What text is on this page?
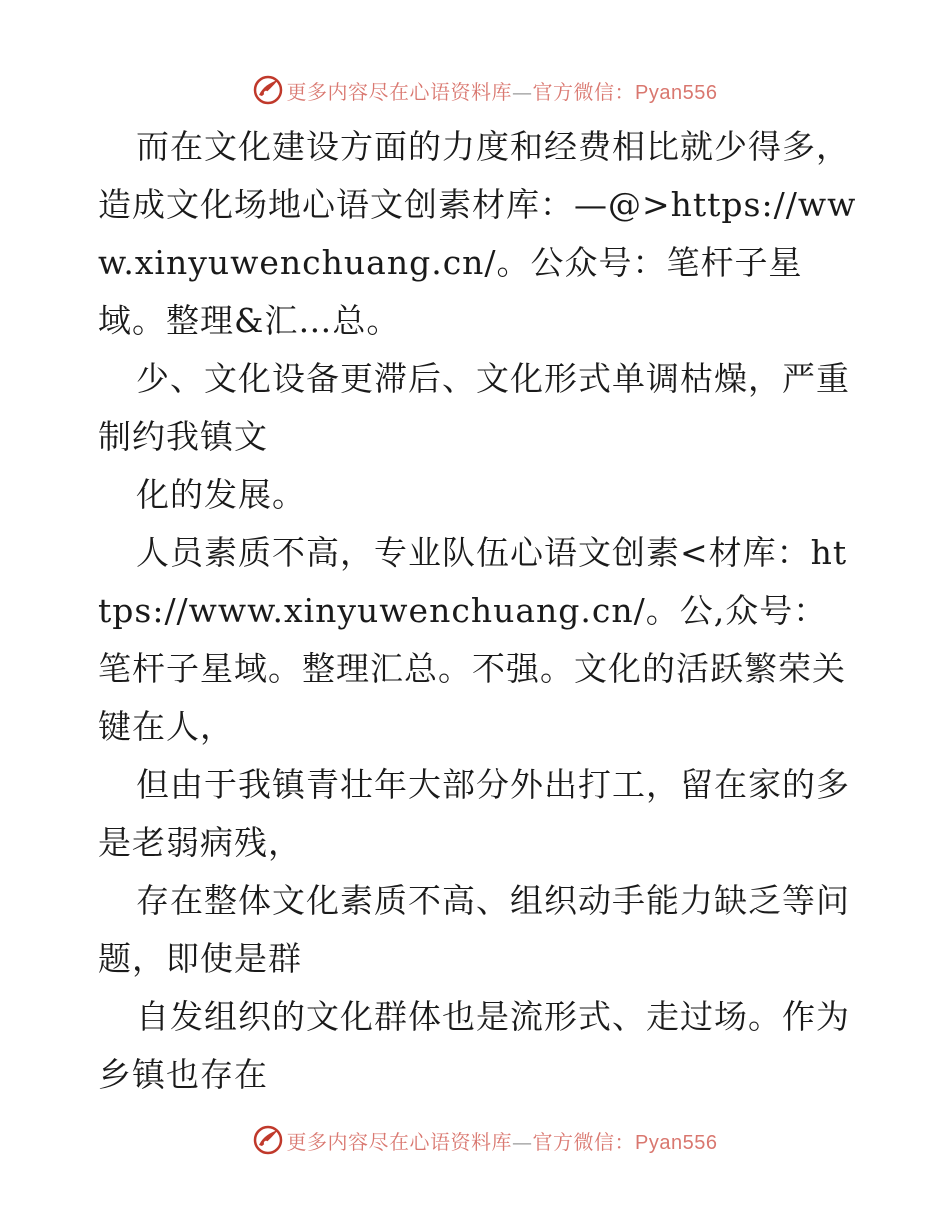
更多内容尽在心语资料库—官方微信：Pyan556

而在文化建设方面的力度和经费相比就少得多，造成文化场地心语文创素材库：—@>https://www.xinyuwenchuang.cn/。公众号：笔杆子星域。整理&汇…总。

少、文化设备更滞后、文化形式单调枯燥，严重制约我镇文

化的发展。

人员素质不高，专业队伍心语文创素<材库：https://www.xinyuwenchuang.cn/。公,众号：笔杆子星域。整理汇总。不强。文化的活跃繁荣关键在人，

但由于我镇青壮年大部分外出打工，留在家的多是老弱病残，

存在整体文化素质不高、组织动手能力缺乏等问题，即使是群

自发组织的文化群体也是流形式、走过场。作为乡镇也存在

更多内容尽在心语资料库—官方微信：Pyan556
